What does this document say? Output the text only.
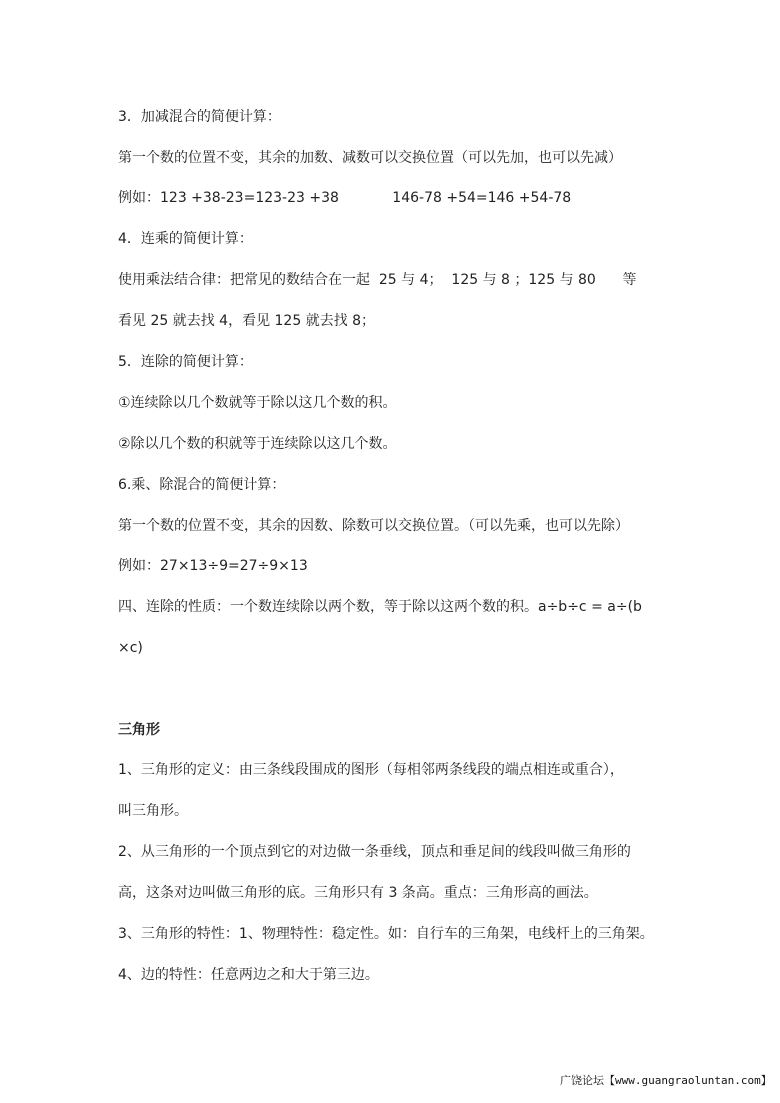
3．加减混合的简便计算：
第一个数的位置不变，其余的加数、减数可以交换位置（可以先加，也可以先减）
例如：123 +38-23=123-23 +38            146-78 +54=146 +54-78
4．连乘的简便计算：
使用乘法结合律：把常见的数结合在一起  25 与 4；  125 与 8 ；125 与 80      等
看见 25 就去找 4，看见 125 就去找 8；
5．连除的简便计算：
①连续除以几个数就等于除以这几个数的积。
②除以几个数的积就等于连续除以这几个数。
6.乘、除混合的简便计算：
第一个数的位置不变，其余的因数、除数可以交换位置。（可以先乘，也可以先除）
例如：27×13÷9=27÷9×13
四、连除的性质：一个数连续除以两个数，等于除以这两个数的积。a÷b÷c = a÷(b
×c)
三角形
1、三角形的定义：由三条线段围成的图形（每相邻两条线段的端点相连或重合），
叫三角形。
2、从三角形的一个顶点到它的对边做一条垂线，顶点和垂足间的线段叫做三角形的
高，这条对边叫做三角形的底。三角形只有 3 条高。重点：三角形高的画法。
3、三角形的特性：1、物理特性：稳定性。如：自行车的三角架，电线杆上的三角架。
4、边的特性：任意两边之和大于第三边。
广饶论坛【www.guangraoluntan.com】
